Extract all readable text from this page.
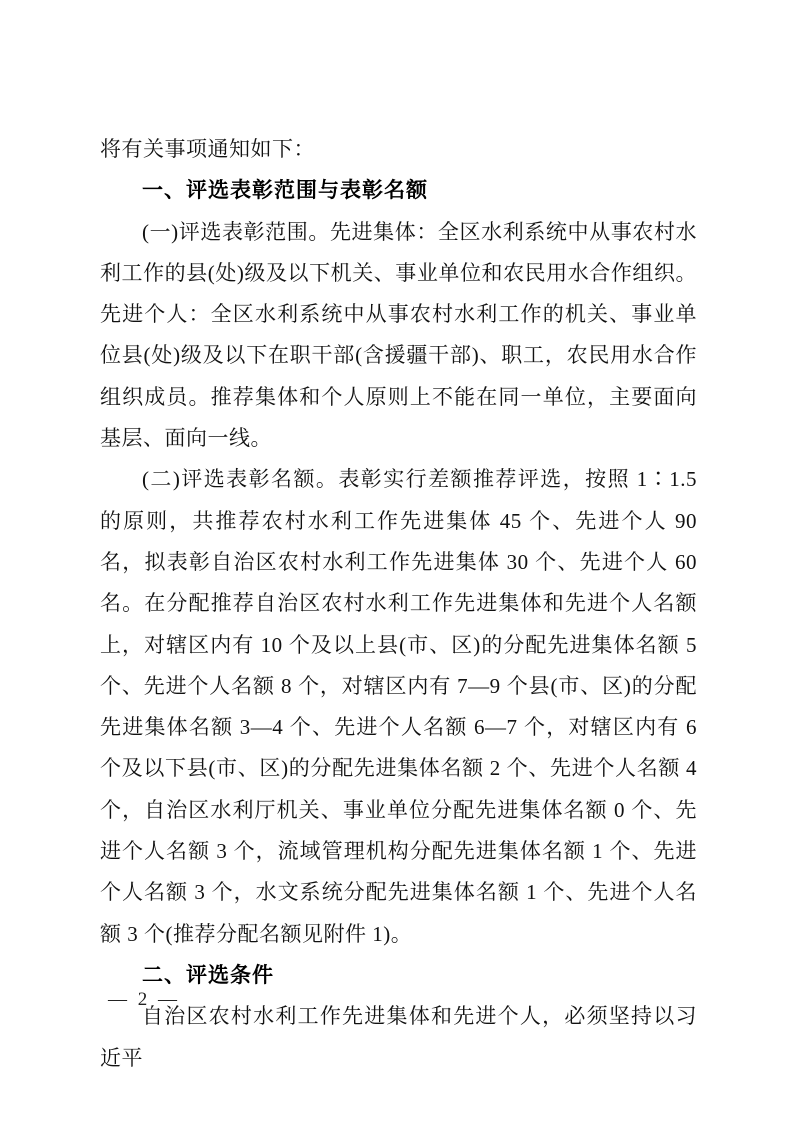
将有关事项通知如下：

一、评选表彰范围与表彰名额

(一)评选表彰范围。先进集体：全区水利系统中从事农村水利工作的县(处)级及以下机关、事业单位和农民用水合作组织。先进个人：全区水利系统中从事农村水利工作的机关、事业单位县(处)级及以下在职干部(含援疆干部)、职工，农民用水合作组织成员。推荐集体和个人原则上不能在同一单位，主要面向基层、面向一线。

(二)评选表彰名额。表彰实行差额推荐评选，按照 1∶1.5 的原则，共推荐农村水利工作先进集体 45 个、先进个人 90 名，拟表彰自治区农村水利工作先进集体 30 个、先进个人 60 名。在分配推荐自治区农村水利工作先进集体和先进个人名额上，对辖区内有 10 个及以上县(市、区)的分配先进集体名额 5 个、先进个人名额 8 个，对辖区内有 7—9 个县(市、区)的分配先进集体名额 3—4 个、先进个人名额 6—7 个，对辖区内有 6 个及以下县(市、区)的分配先进集体名额 2 个、先进个人名额 4 个，自治区水利厅机关、事业单位分配先进集体名额 0 个、先进个人名额 3 个，流域管理机构分配先进集体名额 1 个、先进个人名额 3 个，水文系统分配先进集体名额 1 个、先进个人名额 3 个(推荐分配名额见附件 1)。

二、评选条件

自治区农村水利工作先进集体和先进个人，必须坚持以习近平

— 2 —
